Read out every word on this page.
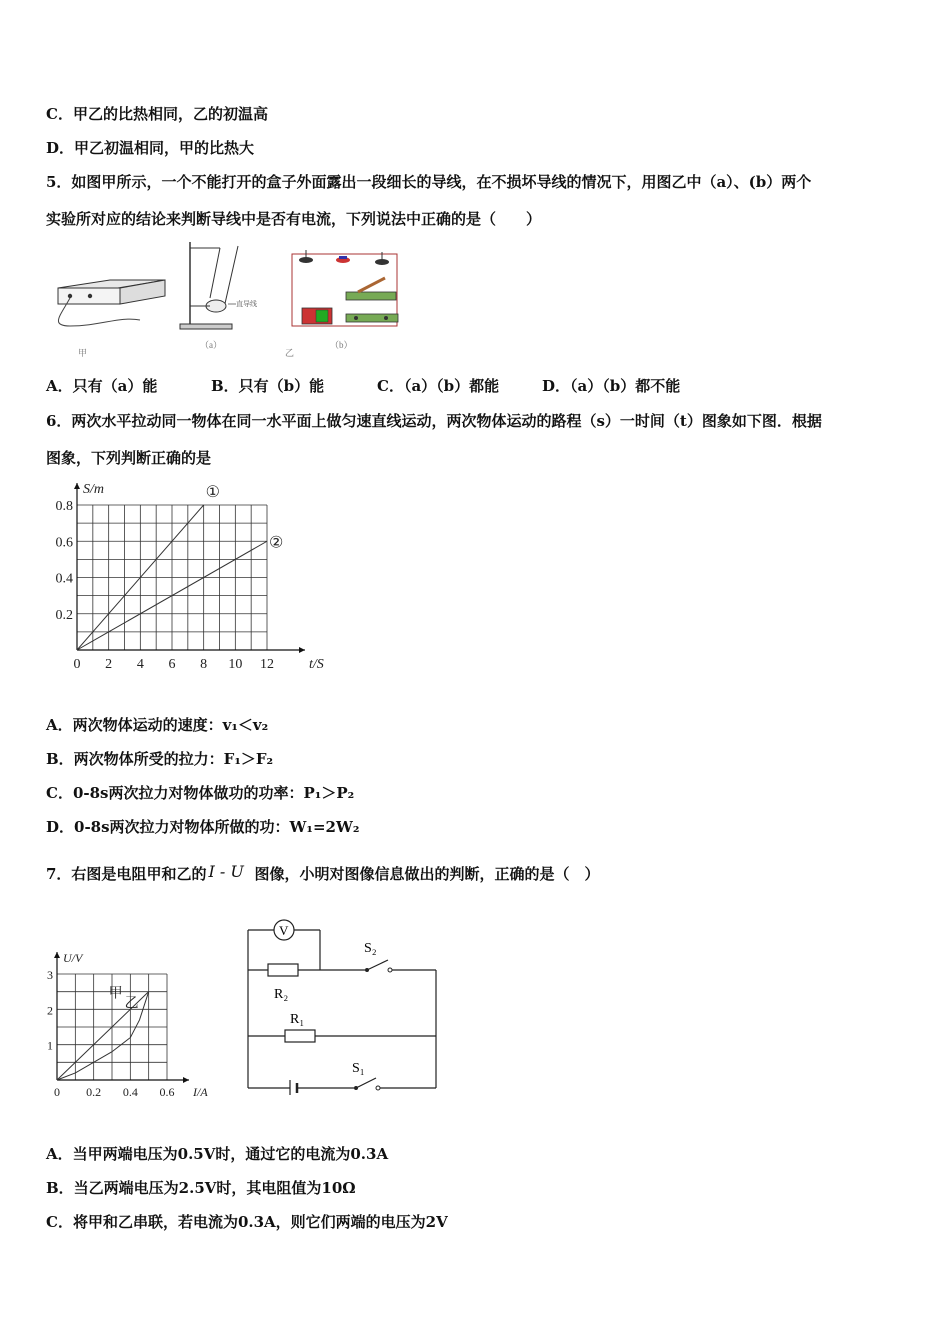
C．甲乙的比热相同，乙的初温高
D．甲乙初温相同，甲的比热大
5．如图甲所示，一个不能打开的盒子外面露出一段细长的导线，在不损坏导线的情况下，用图乙中（a）、(b）两个
实验所对应的结论来判断导线中是否有电流，下列说法中正确的是（　　）
甲
直导线
（a）
乙
（b）
A．只有（a）能	B．只有（b）能	C．（a）（b）都能	D．（a）（b）都不能
6．两次水平拉动同一物体在同一水平面上做匀速直线运动，两次物体运动的路程（s）一时间（t）图象如下图．根据
图象，下列判断正确的是
0 2 4 6 8 10 12
0.2
0.4
0.6
0.8
t/S
S/m	①
②
A．两次物体运动的速度：v₁＜v₂
B．两次物体所受的拉力：F₁＞F₂
C．0-8s两次拉力对物体做功的功率：P₁＞P₂
D．0-8s两次拉力对物体所做的功：W₁=2W₂
7．右图是电阻甲和乙的 I - U 图像，小明对图像信息做出的判断，正确的是（　）
0 0.2 0.4 0.6
1
2
3
I/A
U/V
甲
乙
V
R₂
S₂
R₁
S₁
A．当甲两端电压为0.5V时，通过它的电流为0.3A
B．当乙两端电压为2.5V时，其电阻值为10Ω
C．将甲和乙串联，若电流为0.3A，则它们两端的电压为2V
